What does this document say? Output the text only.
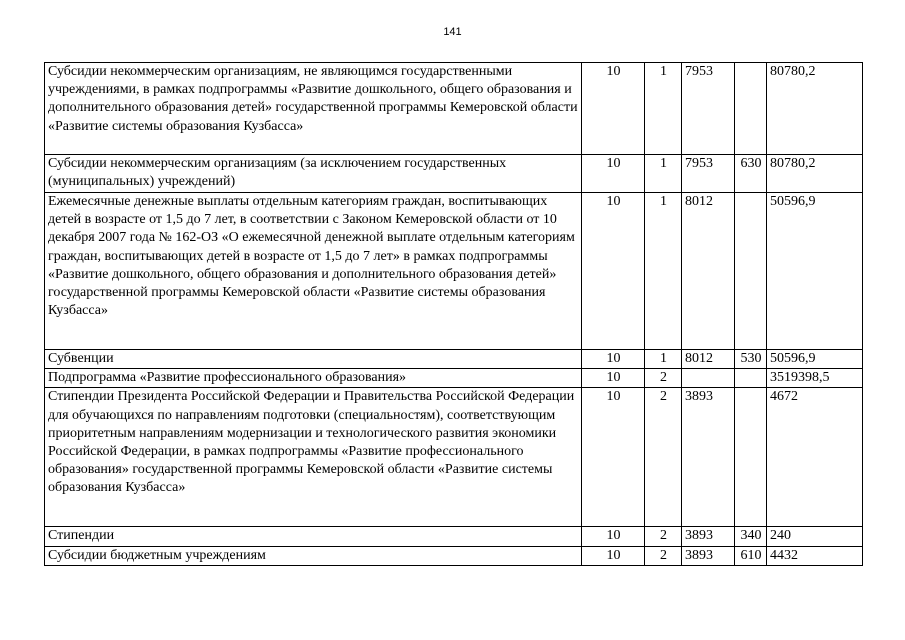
141
Субсидии некоммерческим организациям, не являющимся государственными учреждениями, в рамках подпрограммы «Развитие дошкольного, общего образования и дополнительного образования детей» государственной программы Кемеровской области «Развитие системы образования Кузбасса»	10	1	7953		80780,2
Субсидии некоммерческим организациям (за исключением государственных (муниципальных) учреждений)	10	1	7953	630	80780,2
Ежемесячные денежные выплаты отдельным категориям граждан, воспитывающих детей в возрасте от 1,5 до 7 лет, в соответствии с Законом Кемеровской области от 10 декабря 2007 года № 162-ОЗ «О ежемесячной денежной выплате отдельным категориям граждан, воспитывающих детей в возрасте от 1,5 до 7 лет» в рамках подпрограммы «Развитие дошкольного, общего образования и дополнительного образования детей» государственной программы Кемеровской области «Развитие системы образования Кузбасса»	10	1	8012		50596,9
Субвенции	10	1	8012	530	50596,9
Подпрограмма «Развитие профессионального образования»	10	2			3519398,5
Стипендии Президента Российской Федерации и Правительства Российской Федерации для обучающихся по направлениям подготовки (специальностям), соответствующим приоритетным направлениям модернизации и технологического развития экономики Российской Федерации, в рамках подпрограммы «Развитие профессионального образования» государственной программы Кемеровской области «Развитие системы образования Кузбасса»	10	2	3893		4672
Стипендии	10	2	3893	340	240
Субсидии бюджетным учреждениям	10	2	3893	610	4432
